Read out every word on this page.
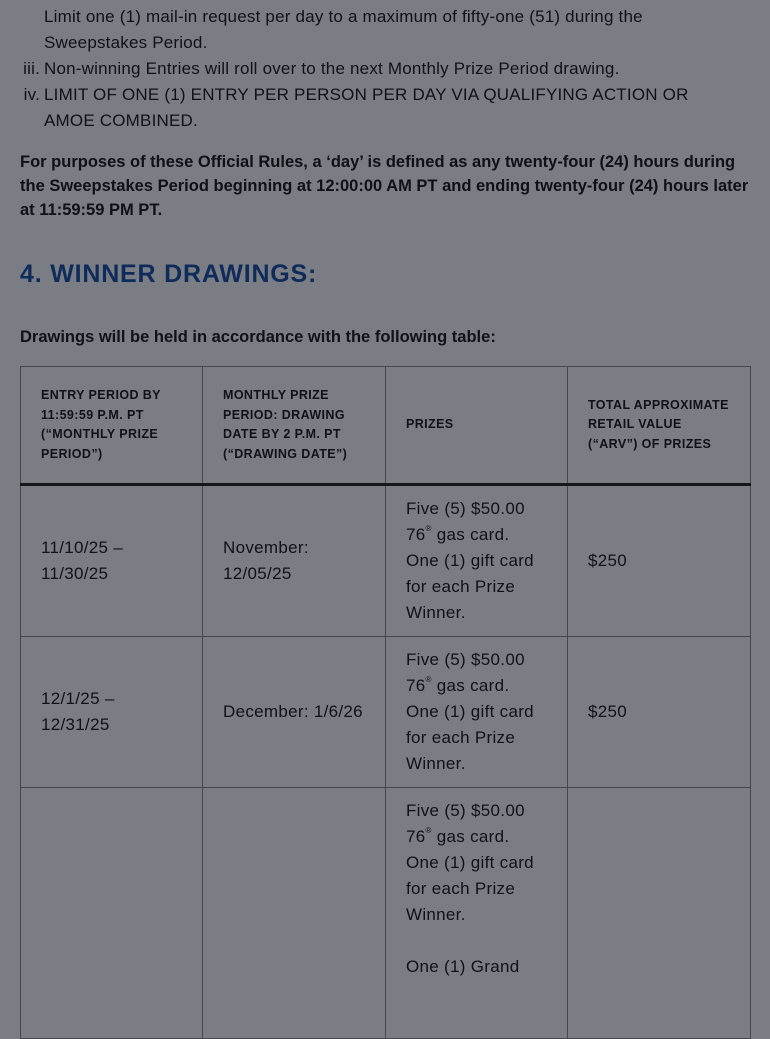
Limit one (1) mail-in request per day to a maximum of fifty-one (51) during the Sweepstakes Period.
iii. Non-winning Entries will roll over to the next Monthly Prize Period drawing.
iv. LIMIT OF ONE (1) ENTRY PER PERSON PER DAY VIA QUALIFYING ACTION OR AMOE COMBINED.

For purposes of these Official Rules, a ‘day’ is defined as any twenty-four (24) hours during the Sweepstakes Period beginning at 12:00:00 AM PT and ending twenty-four (24) hours later at 11:59:59 PM PT.

4. WINNER DRAWINGS:

Drawings will be held in accordance with the following table:

ENTRY PERIOD BY 11:59:59 P.M. PT (“MONTHLY PRIZE PERIOD”)	MONTHLY PRIZE PERIOD: DRAWING DATE BY 2 P.M. PT (“DRAWING DATE”)	PRIZES	TOTAL APPROXIMATE RETAIL VALUE (“ARV”) OF PRIZES
11/10/25 – 11/30/25	November: 12/05/25	Five (5) $50.00 76® gas card. One (1) gift card for each Prize Winner.	$250
12/1/25 – 12/31/25	December: 1/6/26	Five (5) $50.00 76® gas card. One (1) gift card for each Prize Winner.	$250
		Five (5) $50.00 76® gas card. One (1) gift card for each Prize Winner.
One (1) Grand	
